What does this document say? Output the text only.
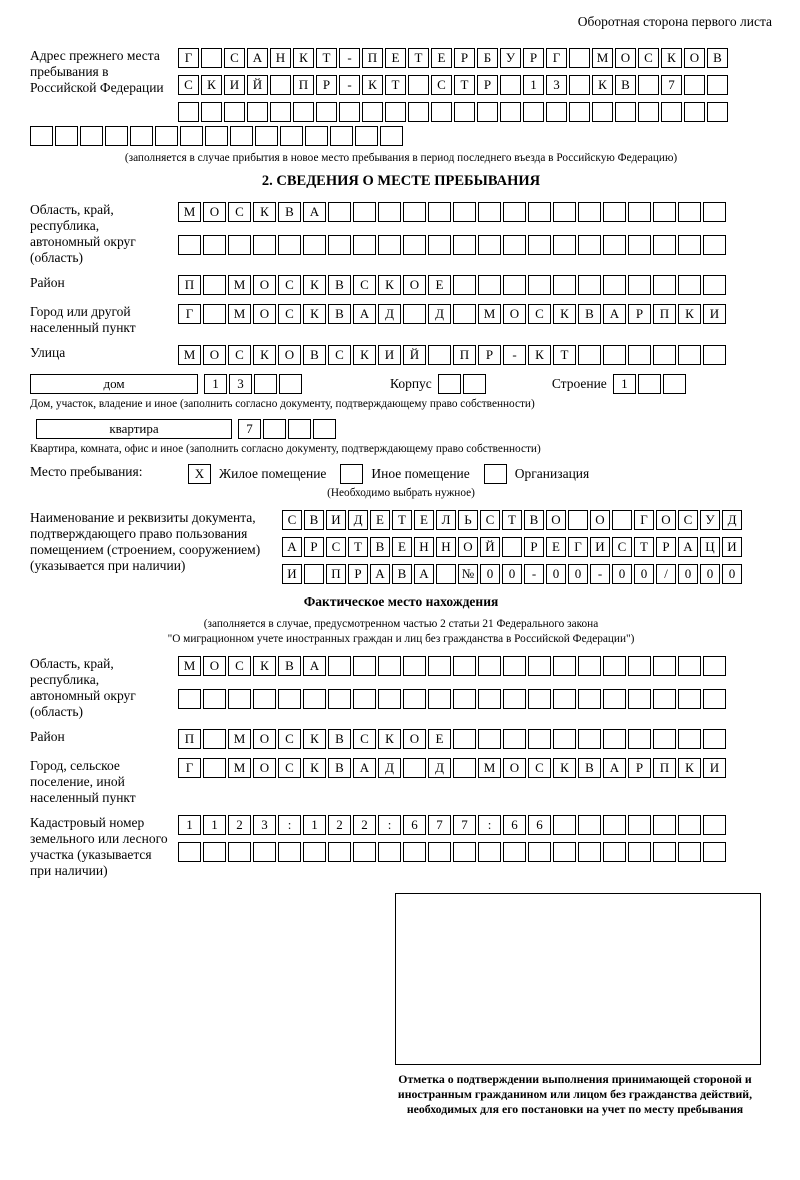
Оборотная сторона первого листа
Адрес прежнего места пребывания в Российской Федерации
Г	С	А	Н	К	Т	-	П	Е	Т	Е	Р	Б	У	Р	Г	М О	С	К	О	В
С	К	И	Й	П	Р	-	К	Т	С	Т	Р	1	3	К	В	7
(заполняется в случае прибытия в новое место пребывания в период последнего въезда в Российскую Федерацию)
2. СВЕДЕНИЯ О МЕСТЕ ПРЕБЫВАНИЯ
Область, край, республика, автономный округ (область)
М	О	С	К	В	А
Район	П	М	О	С	К	В	С	К	О	Е
Город или другой населенный пункт
Г	М	О	С	К	В	А	Д	Д	М	О	С	К	В	А	Р	П	К	И
Улица	М	О	С	К	О	В	С	К	И	Й	П	Р	-	К	Т
дом	1	3	Корпус	Строение	1
Дом, участок, владение и иное (заполнить согласно документу, подтверждающему право собственности)
квартира	7
Квартира, комната, офис и иное (заполнить согласно документу, подтверждающему право собственности)
Место пребывания:	X	Жилое помещение	Иное помещение	Организация
(Необходимо выбрать нужное)
Наименование и реквизиты документа, подтверждающего право пользования помещением (строением, сооружением) (указывается при наличии)
С	В И Д	Е	Т	Е	Л	Ь	С	Т	В О	О	Г	О С	У Д
А	Р	С	Т	В	Е	Н Н О Й	Р	Е	Г	И С	Т	Р	А Ц И
И	П	Р	А В А	№ 0	0	-	0	0	-	0	0	/	0	0	0
Фактическое место нахождения
(заполняется в случае, предусмотренном частью 2 статьи 21 Федерального закона
"О миграционном учете иностранных граждан и лиц без гражданства в Российской Федерации")
Область, край, республика, автономный округ (область)
М	О	С	К	В	А
Район	П	М	О	С	К	В	С	К	О	Е
Город, сельское поселение, иной населенный пункт
Г	М	О	С	К	В	А	Д	Д	М	О	С	К	В	А	Р	П	К	И
Кадастровый номер земельного или лесного участка (указывается при наличии)
1	1	2	3	:	1	2	2	:	6	7	7	:	6	6
Отметка о подтверждении выполнения принимающей стороной и иностранным гражданином или лицом без гражданства действий, необходимых для его постановки на учет по месту пребывания
